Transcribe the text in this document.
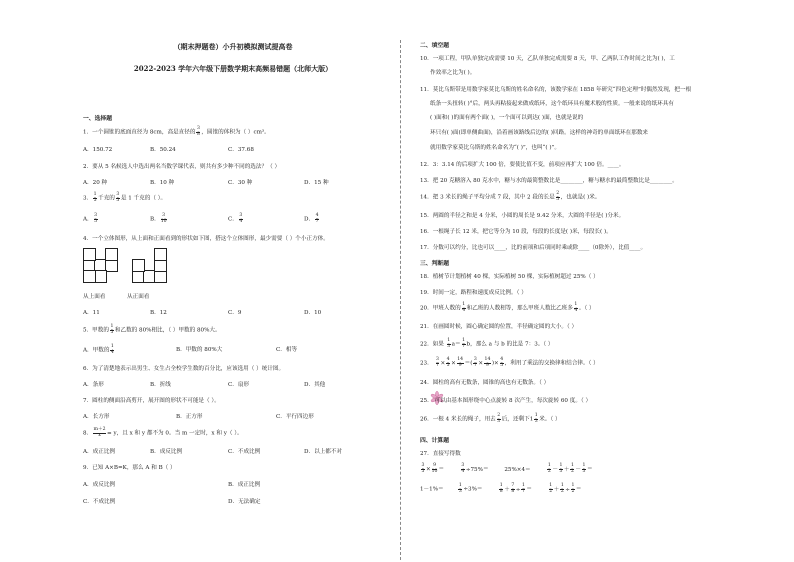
（期末押题卷）小升初模拟测试提高卷
2022-2023 学年六年级下册数学期末高频易错题（北师大版）
一、选择题
1．一个圆锥的底面直径为 8cm，高是直径的 $\frac{3}{8}$ ，圆锥的体积为（ ）cm³。
A．150.72	B．50.24	C．37.68
2．要从 5 名候选人中选出两名当数学课代表，则共有多少种不同的选法？（ ）
A．20 种	B．10 种	C．30 种	D．15 种
3． $\frac{1}{5}$ 千克的 $\frac{3}{5}$ 是 1 千克的（ ）。
A． $\frac{3}{5}$	B． $\frac{3}{10}$	C． $\frac{3}{4}$	D． $\frac{4}{7}$
4．一个立体图形，从上面和正面看到的形状如下图，搭这个立体图形，最少需要（ ）个小正方体。
从上面看	从正面看
A．11	B．12	C．9	D．10
5．甲数的 $\frac{1}{5}$ 和乙数的 80%相比，（ ）甲数的 80%大。
A．甲数的 $\frac{1}{4}$	B．甲数的 80%大	C．相等
6．为了清楚地表示出男生、女生占全校学生数的百分比，应该选用（ ）统计图。
A．条形	B．折线	C．扇形	D．其他
7．圆柱的侧面沿高剪开，展开图的形状不可能是（ ）。
A．长方形	B．正方形	C．平行四边形
8． $\frac{m+2}{x} = y$，且 x 和 y 都不为 0。当 m 一定时，x 和 y（ ）。
A．成正比例	B．成反比例	C．不成比例	D．以上都不对
9．已知 A×B=K，那么 A 和 B（ ）
A．成反比例	B．成正比例
C．不成比例	D．无法确定
二、填空题
10．一项工程，甲队单独完成需要 10 天，乙队单独完成需要 8 天，甲、乙两队工作时间之比为( )，工
作效率之比为( )。
11．莫比乌斯带是用数学家莫比乌斯的姓名命名的，该数学家在 1858 年研究“四色定理”时偶然发现，把一根
纸条一头扭转( )°后，两头再粘接起来做成纸环，这个纸环具有魔术般的性质。一般来说的纸环具有
( )面和( )的面有两个面( )，一个面可以到达( )面，也就是说的
环只有( )面(即单侧曲面)，沿着画该路线后边的( )回路。这样的神奇的单面纸环在那数来
就用数学家莫比乌斯的姓名命名为“( )”，也叫“( )”。
12．3：3.14 的后项扩大 100 倍，要使比值不变，前项应再扩大 100 倍。____。
13．把 20 克糖溶入 80 克水中，糖与水的最简整数比是________，糖与糖水的最简整数比是________。
14．把 3 米长的绳子平均分成 7 段，其中 2 段的长是 $\frac{2}{5}$ ，也就是( )米。
15．两圆的半径之和是 4 分米，小圆的周长是 9.42 分米，大圆的半径是( )分米。
16．一根绳子长 12 米，把它等分为 10 段，每段的长度是( )米，每段长( )。
17．分数可以约分，比也可以____，比的前项和后项同时乘或除____（0除外），比值____。
三、判断题
18．植树节计划植树 40 棵，实际植树 50 棵，实际植树超过 25%（ ）
19．时间一定，路程和速度成反比例。（ ）
20．甲班人数的 $\frac{1}{4}$ 和乙班的人数相等，那么甲班人数比乙班多 $\frac{1}{4}$ 。（ ）
21．在画圆时候，圆心确定圆的位置，半径确定圆的大小。（ ）
22．如果 $\frac{1}{3} a= \frac{1}{7}$ b，那么 a 与 b 的比是 7：3。（ ）
23． $\frac{3}{7} \times \frac{4}{5} \times \frac{14}{9}$ ＝( $\frac{3}{7} \times \frac{14}{9}$ )× $\frac{4}{5}$ ，利用了乘法的交换律和结合律。（ ）
24．圆柱的高有无数条，圆锥的高也有无数条。（ ）
25． 可以由基本图形绕中心点旋转 8 次产生，每次旋转 60 度。（ ）
26．一根 4 米长的绳子，用去 $\frac{2}{3}$ 后，还剩下$1 \frac{1}{3}$ 米。（ ）
四、计算题
27．直接写得数
$\frac{3}{5} \times \frac{9}{10}$ ＝	$\frac{3}{4} \div 75\%=$	25%×4＝	$\frac{1}{2} - \frac{1}{3} + \frac{1}{2} - \frac{1}{3}$ ＝
1－1%＝	$\frac{1}{3} \div 3\%=$	$\frac{1}{8} + \frac{7}{8} \div \frac{1}{7}$ ＝	$\frac{1}{2} + \frac{1}{2} \div \frac{1}{2}$ ＝
